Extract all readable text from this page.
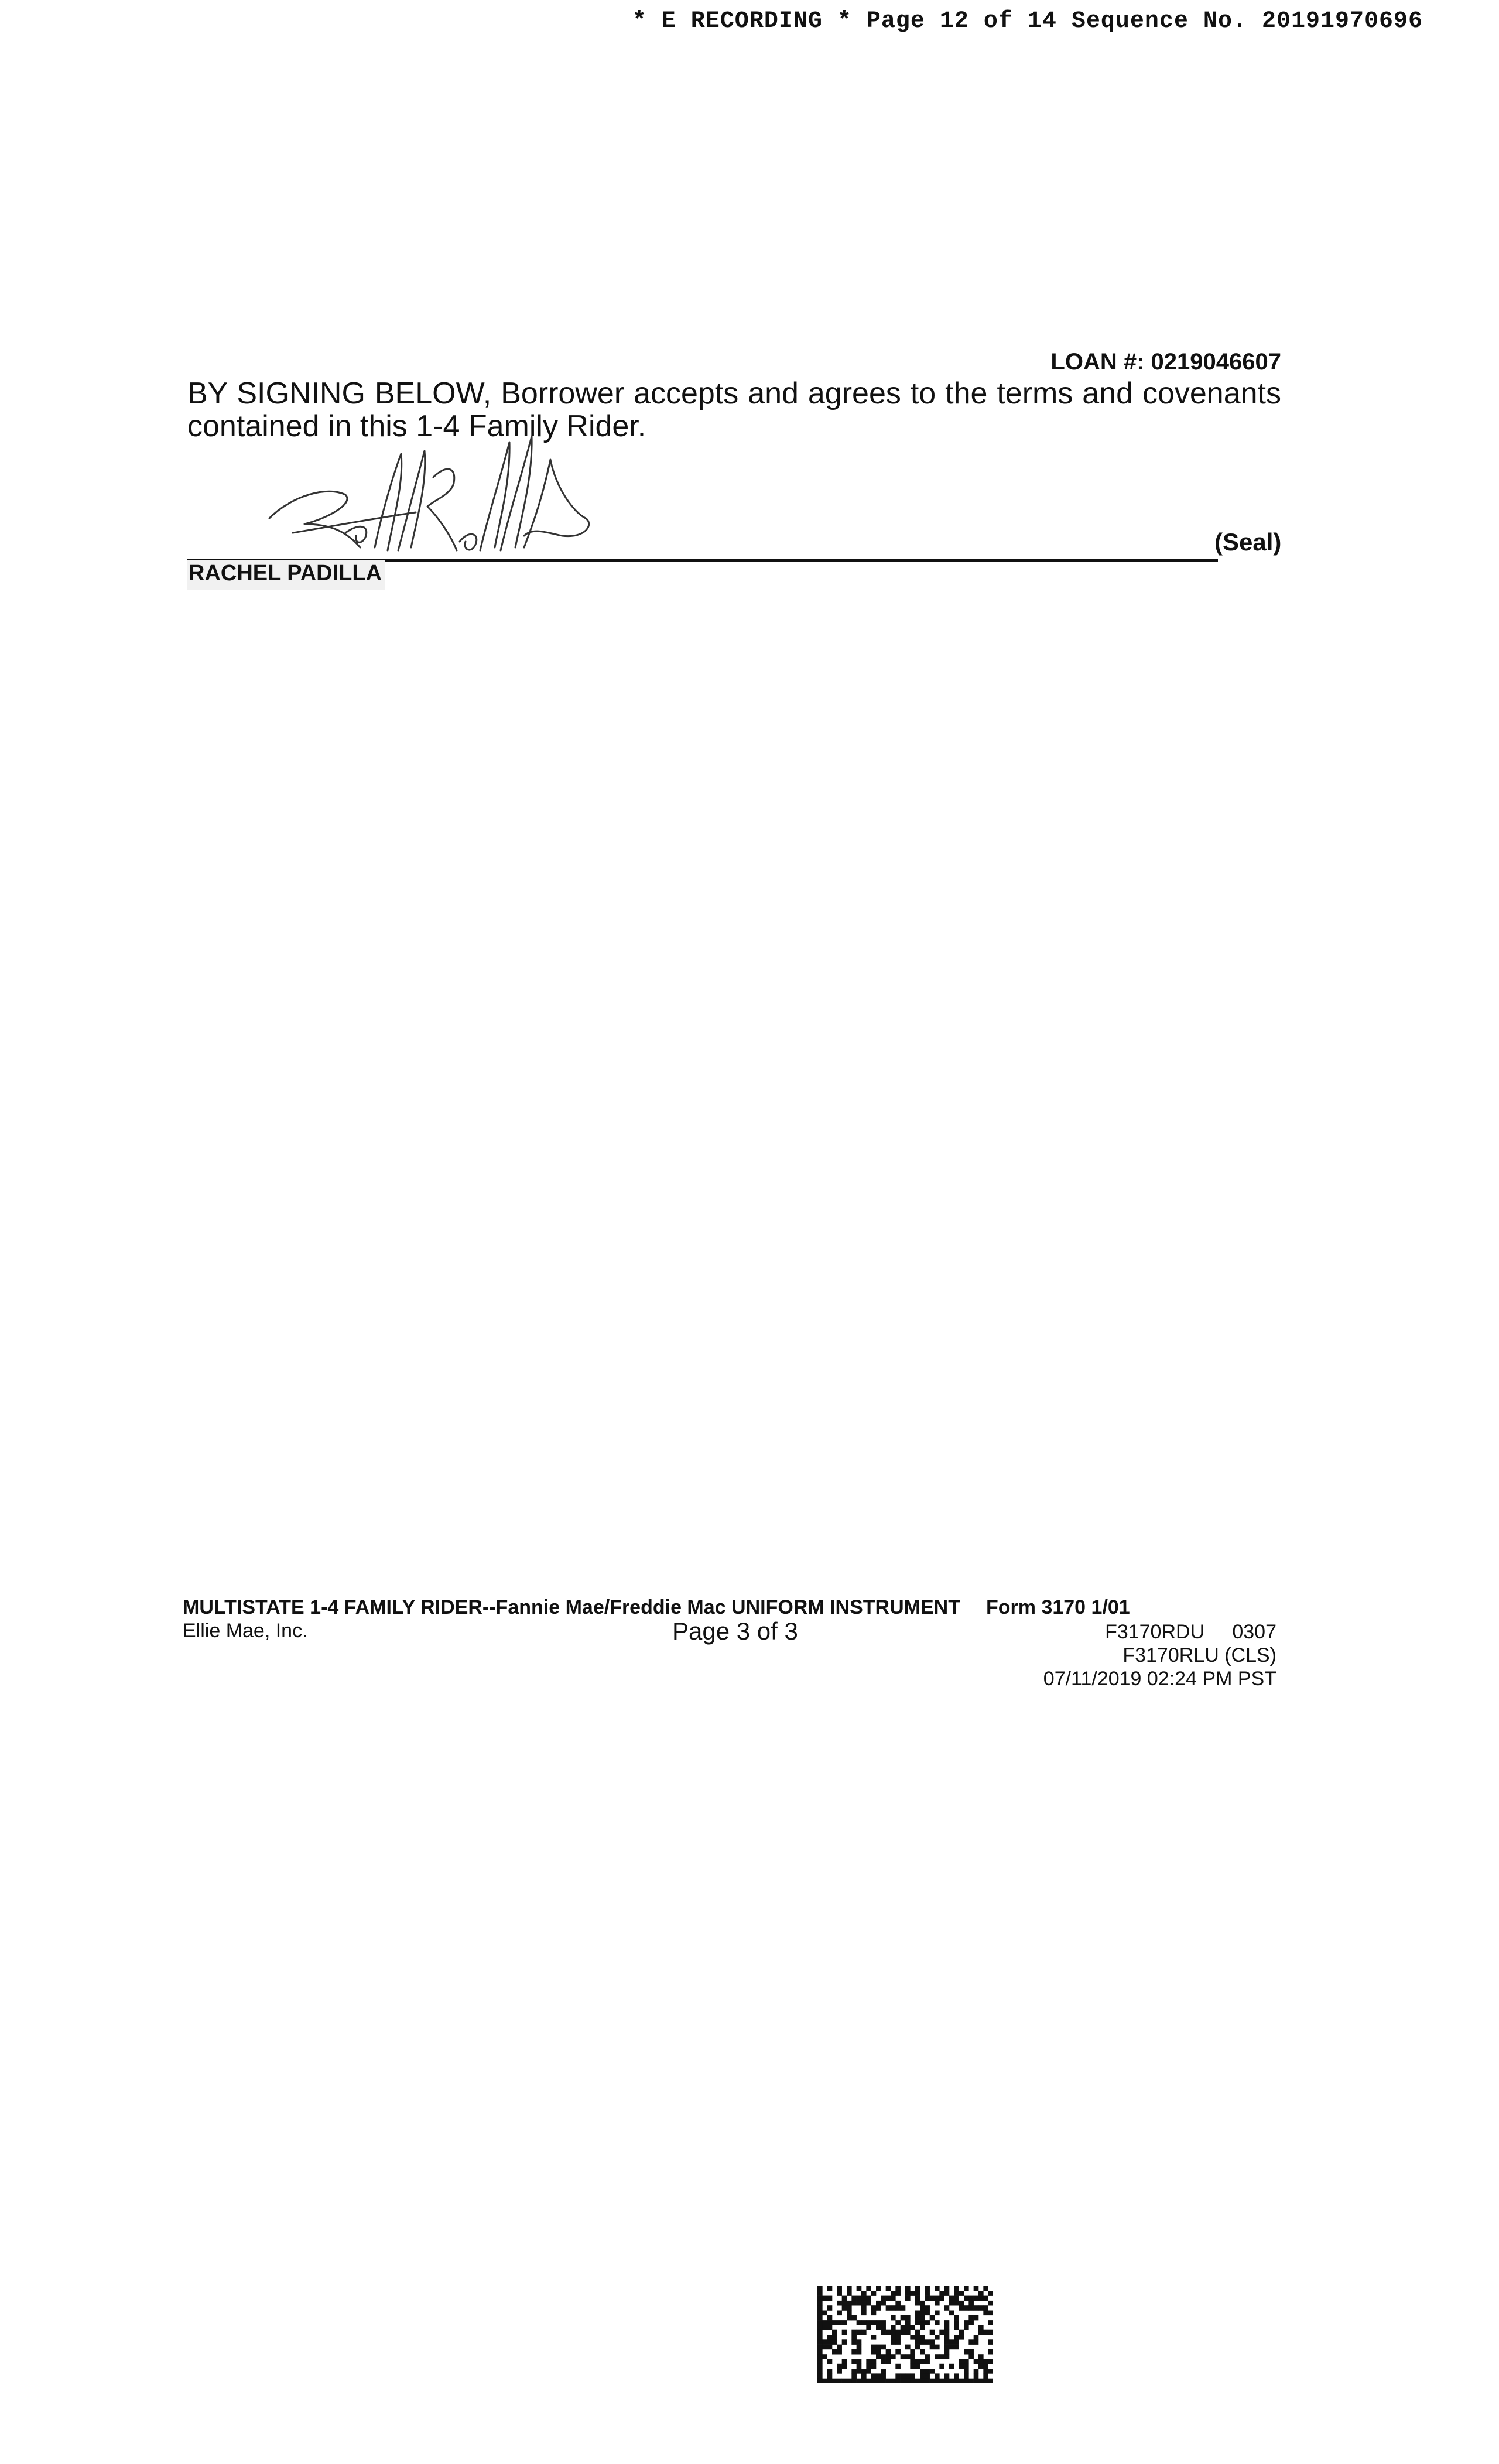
* E RECORDING * Page 12 of 14 Sequence No. 20191970696
LOAN #: 0219046607
BY SIGNING BELOW, Borrower accepts and agrees to the terms and covenants contained in this 1-4 Family Rider.
(Seal)
RACHEL PADILLA
MULTISTATE 1-4 FAMILY RIDER--Fannie Mae/Freddie Mac UNIFORM INSTRUMENT
Ellie Mae, Inc.	Page 3 of 3
Form 3170 1/01
F3170RDU     0307
F3170RLU (CLS)
07/11/2019 02:24 PM PST
